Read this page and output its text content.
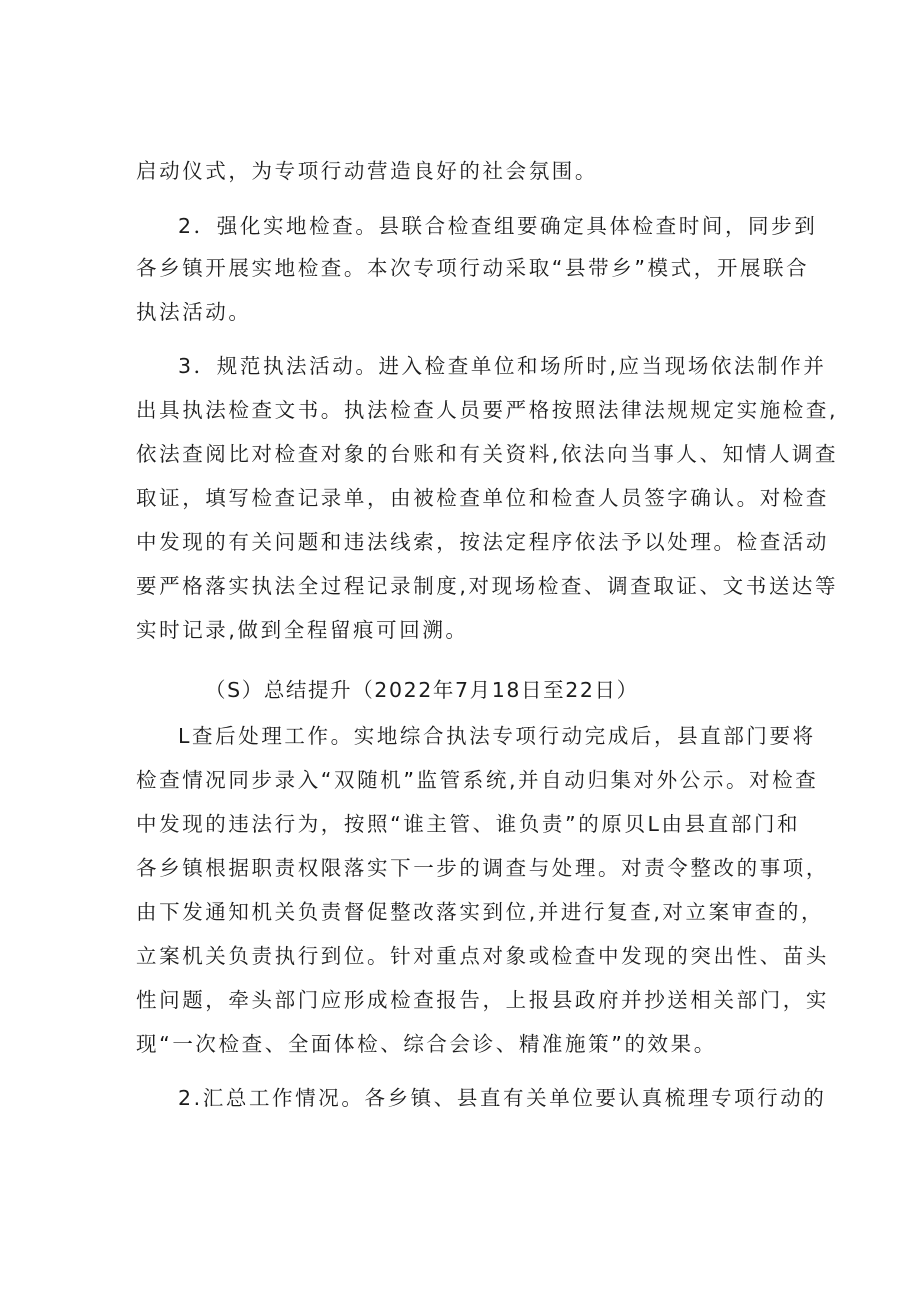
启动仪式，为专项行动营造良好的社会氛围。
2．强化实地检查。县联合检查组要确定具体检查时间，同步到
各乡镇开展实地检查。本次专项行动采取“县带乡”模式，开展联合
执法活动。
3．规范执法活动。进入检查单位和场所时,应当现场依法制作并
出具执法检查文书。执法检查人员要严格按照法律法规规定实施检查,
依法查阅比对检查对象的台账和有关资料,依法向当事人、知情人调查
取证，填写检查记录单，由被检查单位和检查人员签字确认。对检查
中发现的有关问题和违法线索，按法定程序依法予以处理。检查活动
要严格落实执法全过程记录制度,对现场检查、调查取证、文书送达等
实时记录,做到全程留痕可回溯。
（S）总结提升（2022年7月18日至22日）
L查后处理工作。实地综合执法专项行动完成后，县直部门要将
检查情况同步录入“双随机”监管系统,并自动归集对外公示。对检查
中发现的违法行为，按照“谁主管、谁负责”的原贝L由县直部门和
各乡镇根据职责权限落实下一步的调查与处理。对责令整改的事项，
由下发通知机关负责督促整改落实到位,并进行复查,对立案审查的，
立案机关负责执行到位。针对重点对象或检查中发现的突出性、苗头
性问题，牵头部门应形成检查报告，上报县政府并抄送相关部门，实
现“一次检查、全面体检、综合会诊、精准施策”的效果。
2.汇总工作情况。各乡镇、县直有关单位要认真梳理专项行动的
